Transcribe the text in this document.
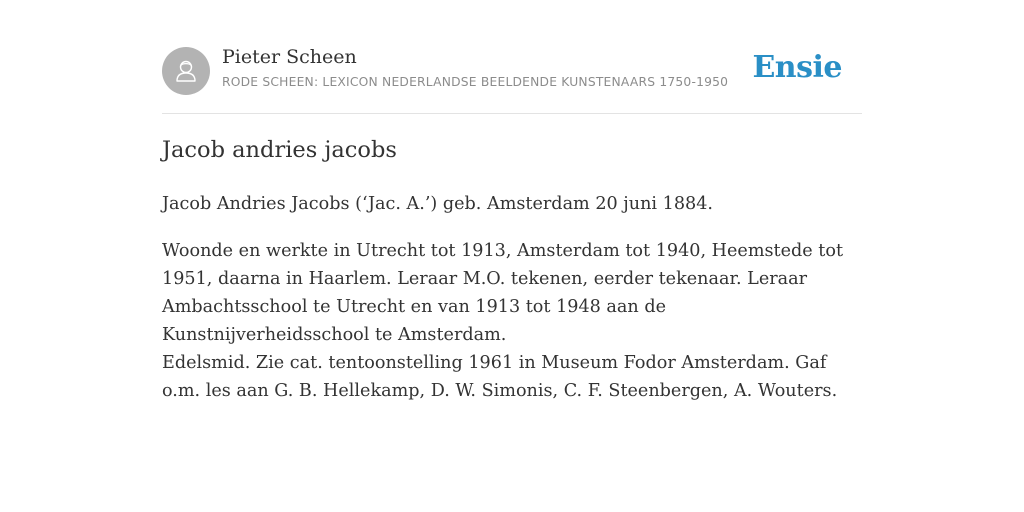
Pieter Scheen
RODE SCHEEN: LEXICON NEDERLANDSE BEELDENDE KUNSTENAARS 1750-1950 Ensie
Jacob andries jacobs

Jacob Andries Jacobs (‘Jac. A.’) geb. Amsterdam 20 juni 1884.

Woonde en werkte in Utrecht tot 1913, Amsterdam tot 1940, Heemstede tot 1951, daarna in Haarlem. Leraar M.O. tekenen, eerder tekenaar. Leraar Ambachtsschool te Utrecht en van 1913 tot 1948 aan de Kunstnijverheidsschool te Amsterdam.

Edelsmid. Zie cat. tentoonstelling 1961 in Museum Fodor Amsterdam. Gaf o.m. les aan G. B. Hellekamp, D. W. Simonis, C. F. Steenbergen, A. Wouters.
